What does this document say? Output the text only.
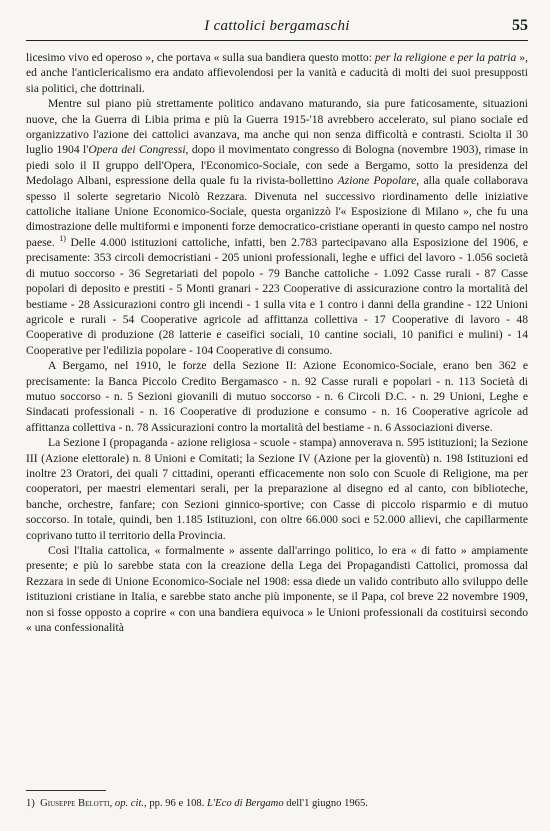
I cattolici bergamaschi	55

licesimo vivo ed operoso », che portava « sulla sua bandiera questo motto: per la religione e per la patria », ed anche l'anticlericalismo era andato affievolendosi per la vanità e caducità di molti dei suoi presupposti sia politici, che dottrinali.

Mentre sul piano più strettamente politico andavano maturando, sia pure faticosamente, situazioni nuove, che la Guerra di Libia prima e più la Guerra 1915-'18 avrebbero accelerato, sul piano sociale ed organizzativo l'azione dei cattolici avanzava, ma anche qui non senza difficoltà e contrasti. Sciolta il 30 luglio 1904 l'Opera dei Congressi, dopo il movimentato congresso di Bologna (novembre 1903), rimase in piedi solo il II gruppo dell'Opera, l'Economico-Sociale, con sede a Bergamo, sotto la presidenza del Medolago Albani, espressione della quale fu la rivista-bollettino Azione Popolare, alla quale collaborava spesso il solerte segretario Nicolò Rezzara. Divenuta nel successivo riordinamento delle iniziative cattoliche italiane Unione Economico-Sociale, questa organizzò l'« Esposizione di Milano », che fu una dimostrazione delle multiformi e imponenti forze democratico-cristiane operanti in questo campo nel nostro paese. $^{1)}$ Delle 4.000 istituzioni cattoliche, infatti, ben 2.783 partecipavano alla Esposizione del 1906, e precisamente: 353 circoli democristiani - 205 unioni professionali, leghe e uffici del lavoro - 1.056 società di mutuo soccorso - 36 Segretariati del popolo - 79 Banche cattoliche - 1.092 Casse rurali - 87 Casse popolari di deposito e prestiti - 5 Monti granari - 223 Cooperative di assicurazione contro la mortalità del bestiame - 28 Assicurazioni contro gli incendi - 1 sulla vita e 1 contro i danni della grandine - 122 Unioni agricole e rurali - 54 Cooperative agricole ad affittanza collettiva - 17 Cooperative di lavoro - 48 Cooperative di produzione (28 latterie e caseifici sociali, 10 cantine sociali, 10 panifici e mulini) - 14 Cooperative per l'edilizia popolare - 104 Cooperative di consumo.

A Bergamo, nel 1910, le forze della Sezione II: Azione Economico-Sociale, erano ben 362 e precisamente: la Banca Piccolo Credito Bergamasco - n. 92 Casse rurali e popolari - n. 113 Società di mutuo soccorso - n. 5 Sezioni giovanili di mutuo soccorso - n. 6 Circoli D.C. - n. 29 Unioni, Leghe e Sindacati professionali - n. 16 Cooperative di produzione e consumo - n. 16 Cooperative agricole ad affittanza collettiva - n. 78 Assicurazioni contro la mortalità del bestiame - n. 6 Associazioni diverse.

La Sezione I (propaganda - azione religiosa - scuole - stampa) annoverava n. 595 istituzioni; la Sezione III (Azione elettorale) n. 8 Unioni e Comitati; la Sezione IV (Azione per la gioventù) n. 198 Istituzioni ed inoltre 23 Oratori, dei quali 7 cittadini, operanti efficacemente non solo con Scuole di Religione, ma per cooperatori, per maestri elementari serali, per la preparazione al disegno ed al canto, con biblioteche, banche, orchestre, fanfare; con Sezioni ginnico-sportive; con Casse di piccolo risparmio e di mutuo soccorso. In totale, quindi, ben 1.185 Istituzioni, con oltre 66.000 soci e 52.000 allievi, che capillarmente coprivano tutto il territorio della Provincia.

Così l'Italia cattolica, « formalmente » assente dall'arringo politico, lo era « di fatto » ampiamente presente; e più lo sarebbe stata con la creazione della Lega dei Propagandisti Cattolici, promossa dal Rezzara in sede di Unione Economico-Sociale nel 1908: essa diede un valido contributo allo sviluppo delle istituzioni cristiane in Italia, e sarebbe stato anche più imponente, se il Papa, col breve 22 novembre 1909, non si fosse opposto a coprire « con una bandiera equivoca » le Unioni professionali da costituirsi secondo « una confessionalità

1) Giuseppe Belotti, op. cit., pp. 96 e 108. L'Eco di Bergamo dell'1 giugno 1965.
